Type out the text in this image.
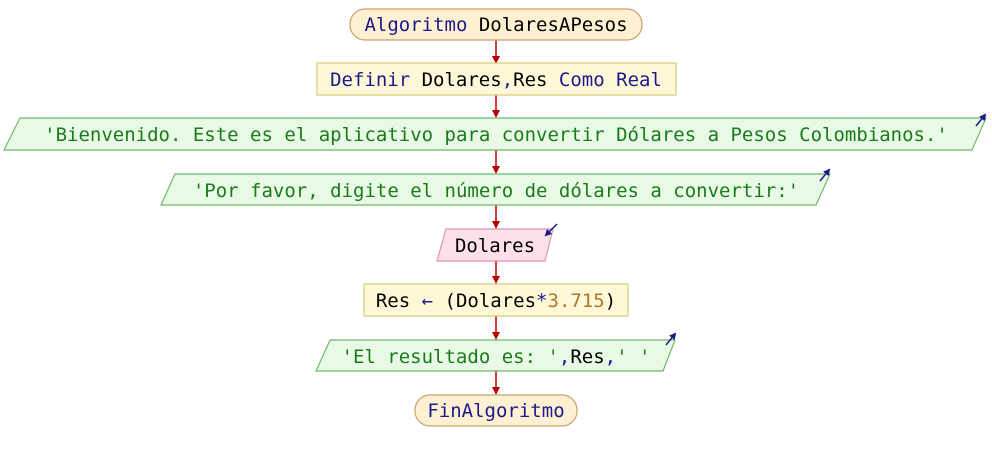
Algoritmo DolaresAPesos
Definir Dolares,Res Como Real
'Bienvenido. Este es el aplicativo para convertir Dólares a Pesos Colombianos.'
'Por favor, digite el número de dólares a convertir:'
Dolares
Res ← (Dolares*3.715)
'El resultado es: ',Res,' '
FinAlgoritmo
